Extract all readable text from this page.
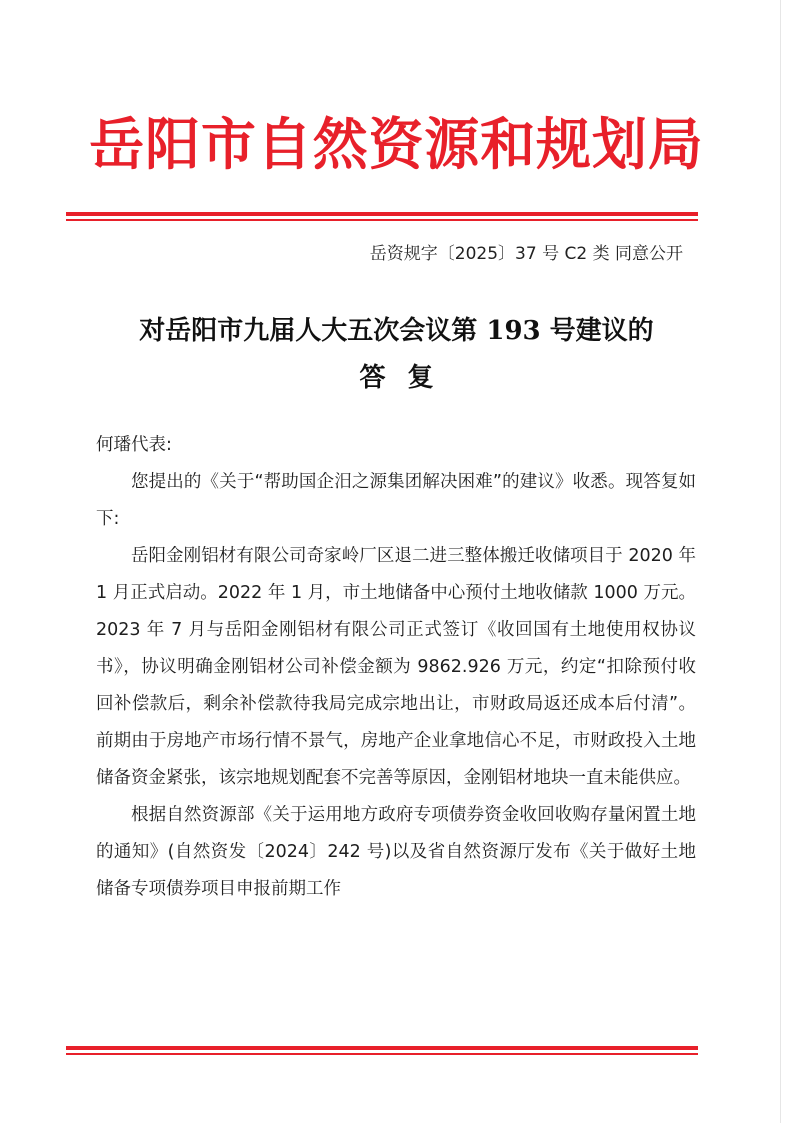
岳阳市自然资源和规划局
岳资规字〔2025〕37 号 C2 类 同意公开
对岳阳市九届人大五次会议第 193 号建议的
答复

何璠代表:

您提出的《关于“帮助国企汨之源集团解决困难”的建议》收悉。现答复如下:

岳阳金刚铝材有限公司奇家岭厂区退二进三整体搬迁收储项目于 2020 年 1 月正式启动。2022 年 1 月，市土地储备中心预付土地收储款 1000 万元。2023 年 7 月与岳阳金刚铝材有限公司正式签订《收回国有土地使用权协议书》，协议明确金刚铝材公司补偿金额为 9862.926 万元，约定“扣除预付收回补偿款后，剩余补偿款待我局完成宗地出让，市财政局返还成本后付清”。前期由于房地产市场行情不景气，房地产企业拿地信心不足，市财政投入土地储备资金紧张，该宗地规划配套不完善等原因，金刚铝材地块一直未能供应。

根据自然资源部《关于运用地方政府专项债券资金收回收购存量闲置土地的通知》(自然资发〔2024〕242 号)以及省自然资源厅发布《关于做好土地储备专项债券项目申报前期工作
